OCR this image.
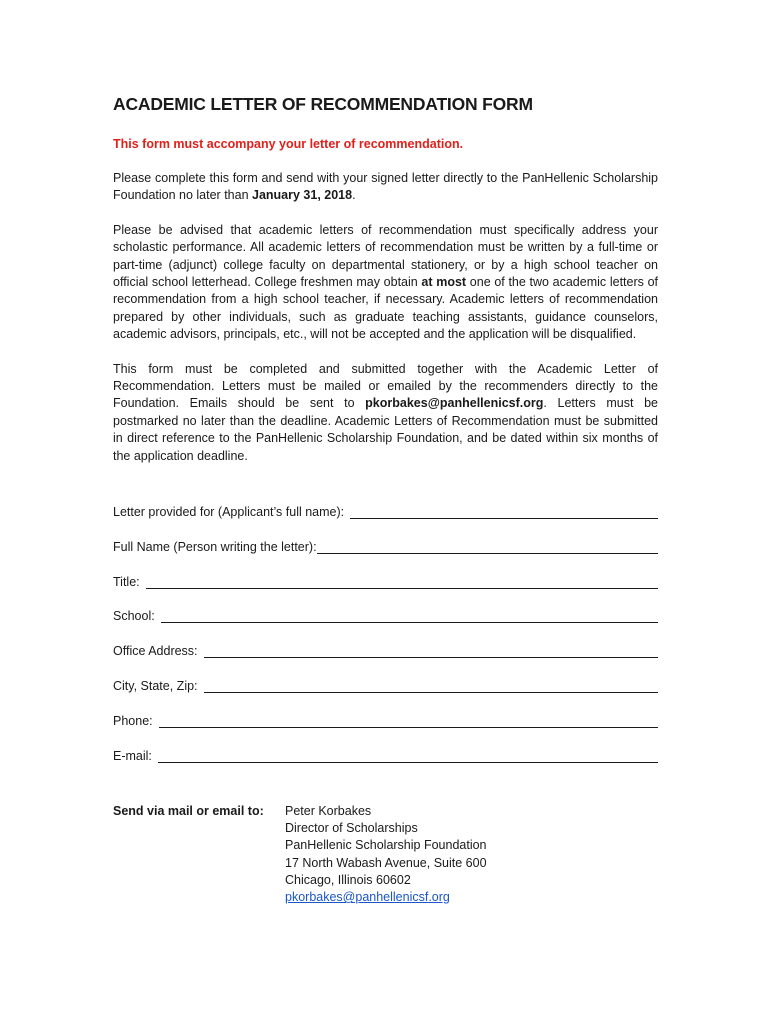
ACADEMIC LETTER OF RECOMMENDATION FORM
This form must accompany your letter of recommendation.

Please complete this form and send with your signed letter directly to the PanHellenic Scholarship Foundation no later than January 31, 2018.

Please be advised that academic letters of recommendation must specifically address your scholastic performance. All academic letters of recommendation must be written by a full-time or part-time (adjunct) college faculty on departmental stationery, or by a high school teacher on official school letterhead. College freshmen may obtain at most one of the two academic letters of recommendation from a high school teacher, if necessary. Academic letters of recommendation prepared by other individuals, such as graduate teaching assistants, guidance counselors, academic advisors, principals, etc., will not be accepted and the application will be disqualified.

This form must be completed and submitted together with the Academic Letter of Recommendation. Letters must be mailed or emailed by the recommenders directly to the Foundation. Emails should be sent to pkorbakes@panhellenicsf.org. Letters must be postmarked no later than the deadline. Academic Letters of Recommendation must be submitted in direct reference to the PanHellenic Scholarship Foundation, and be dated within six months of the application deadline.

Letter provided for (Applicant’s full name):
Full Name (Person writing the letter):
Title:
School:
Office Address:
City, State, Zip:
Phone:
E-mail:
Send via mail or email to:	Peter Korbakes
Director of Scholarships
PanHellenic Scholarship Foundation
17 North Wabash Avenue, Suite 600
Chicago, Illinois 60602
pkorbakes@panhellenicsf.org
